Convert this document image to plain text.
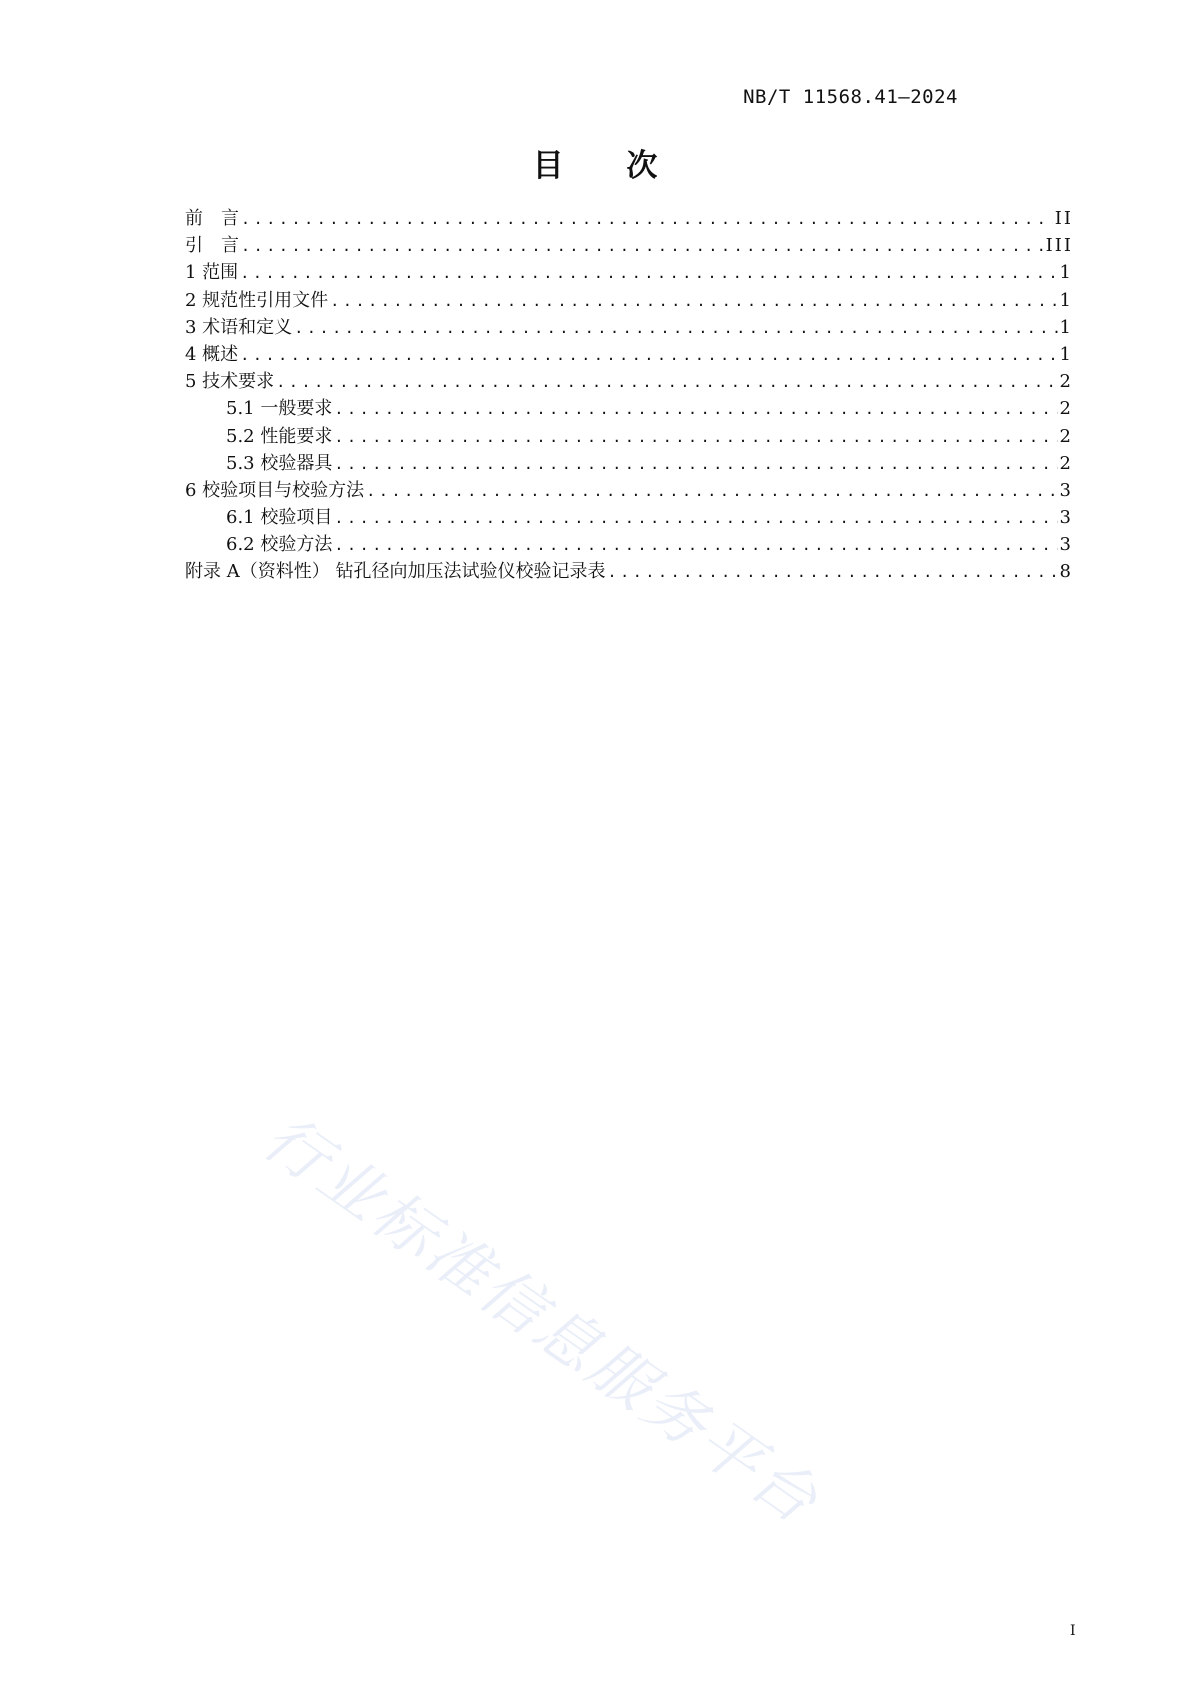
NB/T 11568.41—2024
目 次
前　言 .....	II
引　言 .....	III
1 范围 .....	1
2 规范性引用文件 .....	1
3 术语和定义 .....	1
4 概述 .....	1
5 技术要求 .....	2
5.1 一般要求 .....	2
5.2 性能要求 .....	2
5.3 校验器具 .....	2
6 校验项目与校验方法 .....	3
6.1 校验项目 .....	3
6.2 校验方法 .....	3
附录 A（资料性） 钻孔径向加压法试验仪校验记录表 .....	8
行业标准信息服务平台
I
